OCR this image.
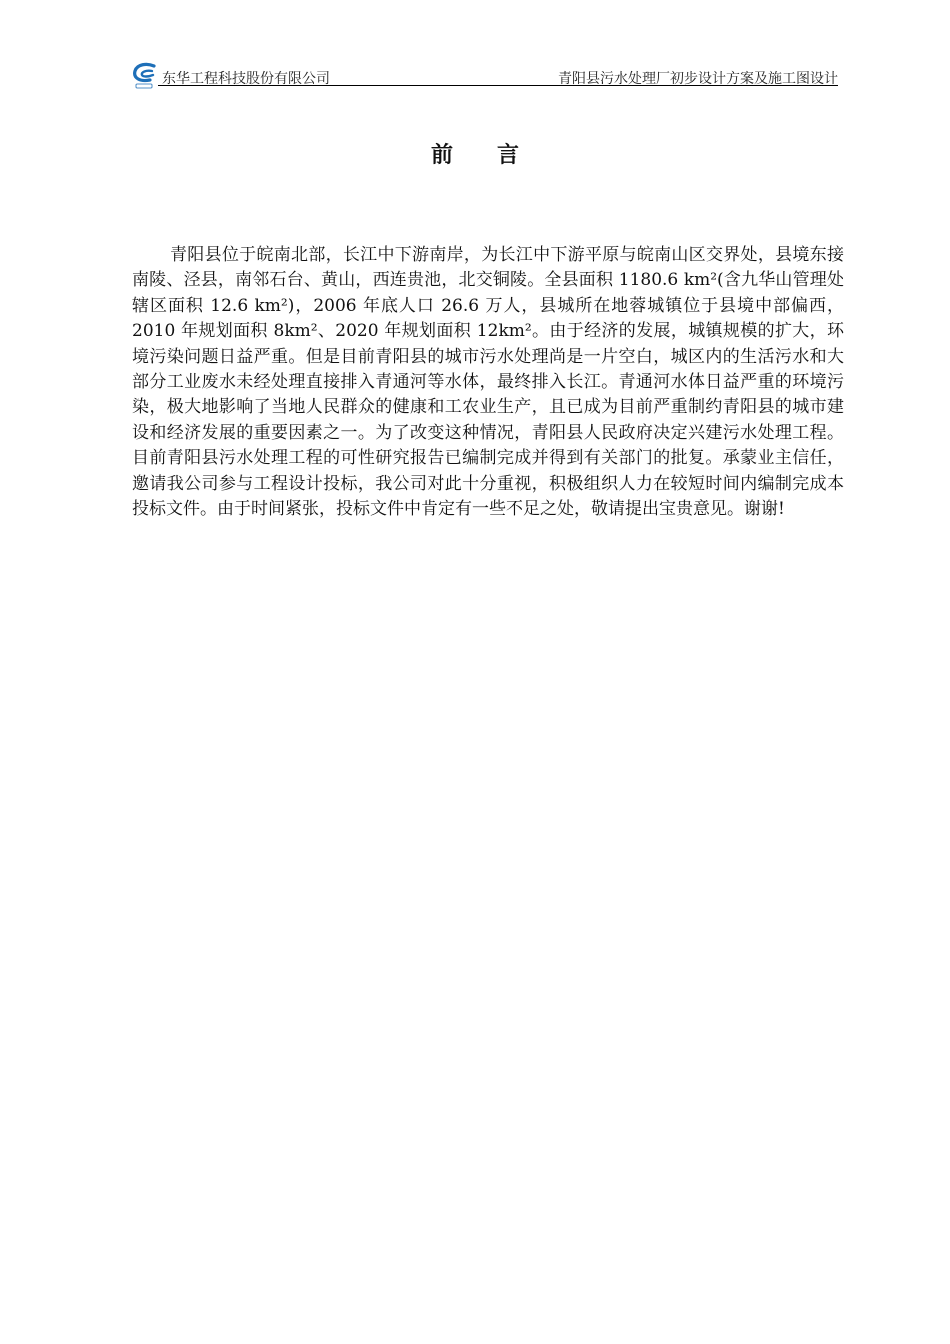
东华工程科技股份有限公司	青阳县污水处理厂初步设计方案及施工图设计
前言

青阳县位于皖南北部，长江中下游南岸，为长江中下游平原与皖南山区交界处，县境东接南陵、泾县，南邻石台、黄山，西连贵池，北交铜陵。全县面积 1180.6 km²(含九华山管理处辖区面积 12.6 km²)，2006 年底人口 26.6 万人，县城所在地蓉城镇位于县境中部偏西，2010 年规划面积 8km²、2020 年规划面积 12km²。由于经济的发展，城镇规模的扩大，环境污染问题日益严重。但是目前青阳县的城市污水处理尚是一片空白，城区内的生活污水和大部分工业废水未经处理直接排入青通河等水体，最终排入长江。青通河水体日益严重的环境污染，极大地影响了当地人民群众的健康和工农业生产，且已成为目前严重制约青阳县的城市建设和经济发展的重要因素之一。为了改变这种情况，青阳县人民政府决定兴建污水处理工程。目前青阳县污水处理工程的可性研究报告已编制完成并得到有关部门的批复。承蒙业主信任，邀请我公司参与工程设计投标，我公司对此十分重视，积极组织人力在较短时间内编制完成本投标文件。由于时间紧张，投标文件中肯定有一些不足之处，敬请提出宝贵意见。谢谢!
